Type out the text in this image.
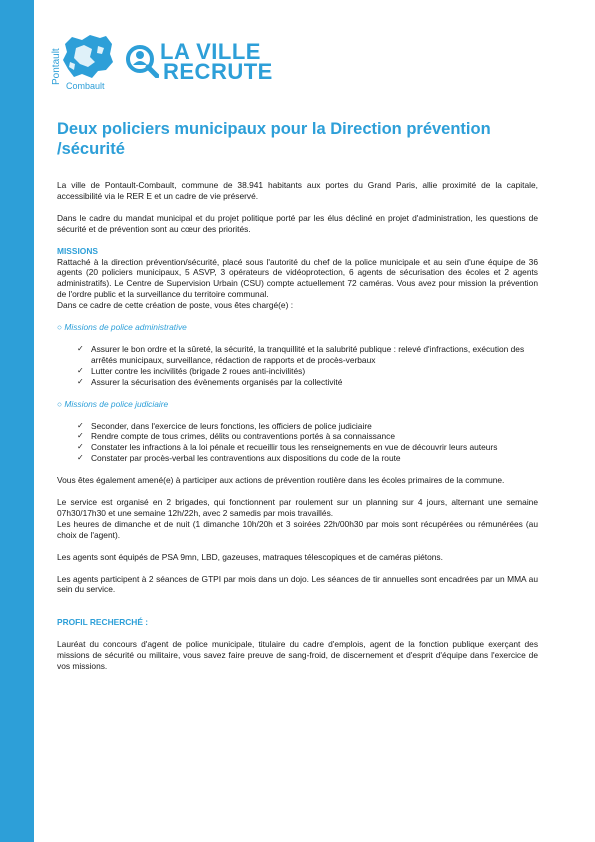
Pontault
Combault
LA VILLE
RECRUTE
Deux policiers municipaux pour la Direction prévention /sécurité

La ville de Pontault-Combault, commune de 38.941 habitants aux portes du Grand Paris, allie proximité de la capitale, accessibilité via le RER E et un cadre de vie préservé.

Dans le cadre du mandat municipal et du projet politique porté par les élus décliné en projet d'administration, les questions de sécurité et de prévention sont au cœur des priorités.

MISSIONS

Rattaché à la direction prévention/sécurité, placé sous l'autorité du chef de la police municipale et au sein d'une équipe de 36 agents (20 policiers municipaux, 5 ASVP, 3 opérateurs de vidéoprotection, 6 agents de sécurisation des écoles et 2 agents administratifs). Le Centre de Supervision Urbain (CSU) compte actuellement 72 caméras. Vous avez pour mission la prévention de l'ordre public et la surveillance du territoire communal.

Dans ce cadre de cette création de poste, vous êtes chargé(e) :

○ Missions de police administrative
✓ Assurer le bon ordre et la sûreté, la sécurité, la tranquillité et la salubrité publique : relevé d'infractions, exécution des arrêtés municipaux, surveillance, rédaction de rapports et de procès-verbaux
✓ Lutter contre les incivilités (brigade 2 roues anti-incivilités)
✓ Assurer la sécurisation des évènements organisés par la collectivité
○ Missions de police judiciaire
✓ Seconder, dans l'exercice de leurs fonctions, les officiers de police judiciaire
✓ Rendre compte de tous crimes, délits ou contraventions portés à sa connaissance
✓ Constater les infractions à la loi pénale et recueillir tous les renseignements en vue de découvrir leurs auteurs
✓ Constater par procès-verbal les contraventions aux dispositions du code de la route

Vous êtes également amené(e) à participer aux actions de prévention routière dans les écoles primaires de la commune.

Le service est organisé en 2 brigades, qui fonctionnent par roulement sur un planning sur 4 jours, alternant une semaine 07h30/17h30 et une semaine 12h/22h, avec 2 samedis par mois travaillés.

Les heures de dimanche et de nuit (1 dimanche 10h/20h et 3 soirées 22h/00h30 par mois sont récupérées ou rémunérées (au choix de l'agent).

Les agents sont équipés de PSA 9mn, LBD, gazeuses, matraques télescopiques et de caméras piétons.

Les agents participent à 2 séances de GTPI par mois dans un dojo. Les séances de tir annuelles sont encadrées par un MMA au sein du service.

PROFIL RECHERCHÉ :

Lauréat du concours d'agent de police municipale, titulaire du cadre d'emplois, agent de la fonction publique exerçant des missions de sécurité ou militaire, vous savez faire preuve de sang-froid, de discernement et d'esprit d'équipe dans l'exercice de vos missions.
